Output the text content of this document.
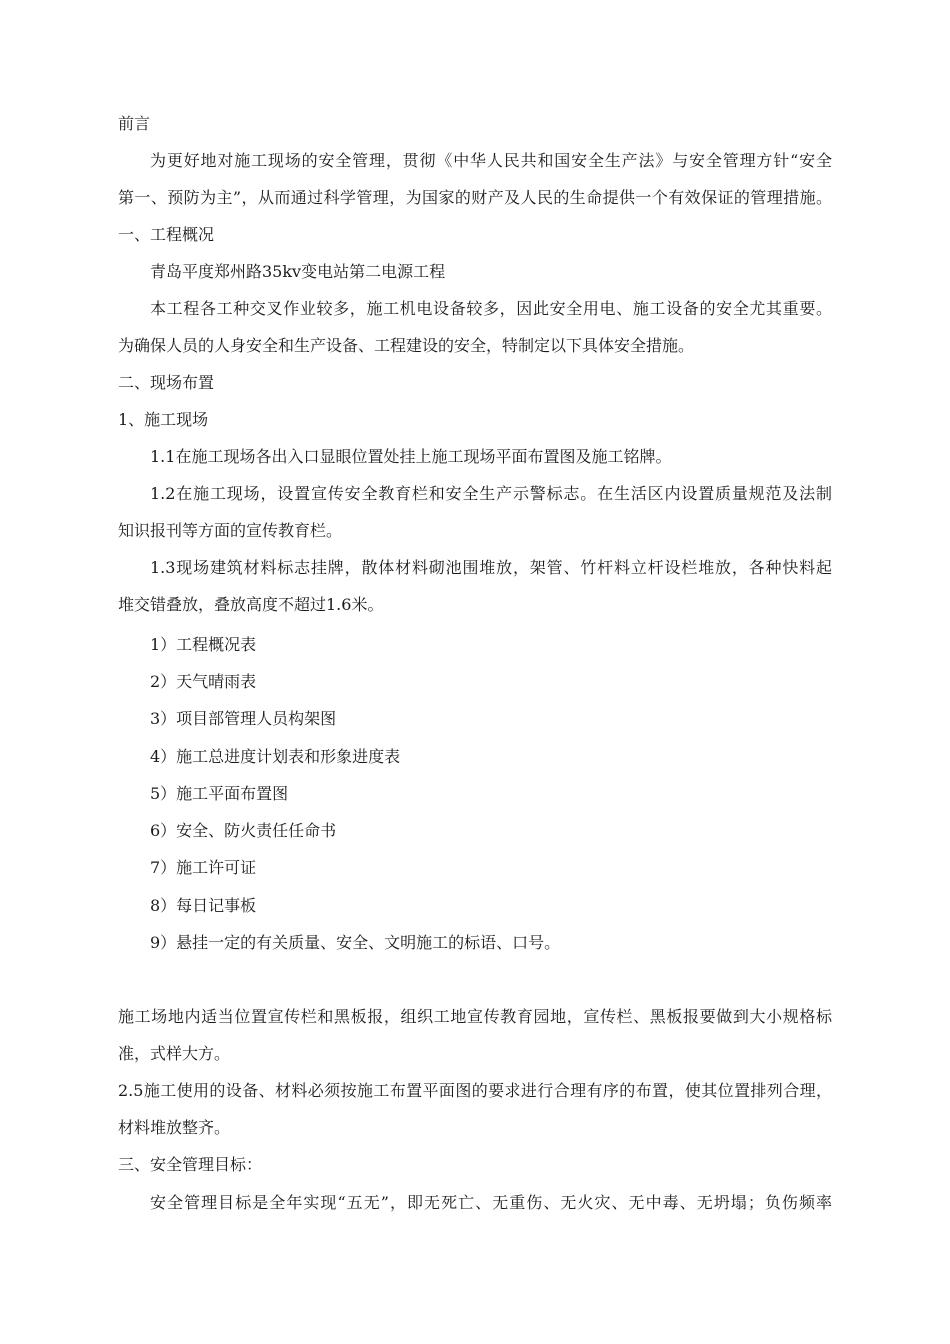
前言
为更好地对施工现场的安全管理，贯彻《中华人民共和国安全生产法》与安全管理方针“安全
第一、预防为主”，从而通过科学管理，为国家的财产及人民的生命提供一个有效保证的管理措施。
一、工程概况
青岛平度郑州路35kv变电站第二电源工程
本工程各工种交叉作业较多，施工机电设备较多，因此安全用电、施工设备的安全尤其重要。
为确保人员的人身安全和生产设备、工程建设的安全，特制定以下具体安全措施。
二、现场布置
1、施工现场
1.1在施工现场各出入口显眼位置处挂上施工现场平面布置图及施工铭牌。
1.2在施工现场，设置宣传安全教育栏和安全生产示警标志。在生活区内设置质量规范及法制
知识报刊等方面的宣传教育栏。
1.3现场建筑材料标志挂牌，散体材料砌池围堆放，架管、竹杆料立杆设栏堆放，各种快料起
堆交错叠放，叠放高度不超过1.6米。
1）工程概况表
2）天气晴雨表
3）项目部管理人员构架图
4）施工总进度计划表和形象进度表
5）施工平面布置图
6）安全、防火责任任命书
7）施工许可证
8）每日记事板
9）悬挂一定的有关质量、安全、文明施工的标语、口号。
施工场地内适当位置宣传栏和黑板报，组织工地宣传教育园地，宣传栏、黑板报要做到大小规格标
准，式样大方。
2.5施工使用的设备、材料必须按施工布置平面图的要求进行合理有序的布置，使其位置排列合理，
材料堆放整齐。
三、安全管理目标：
安全管理目标是全年实现“五无”，即无死亡、无重伤、无火灾、无中毒、无坍塌；负伤频率
